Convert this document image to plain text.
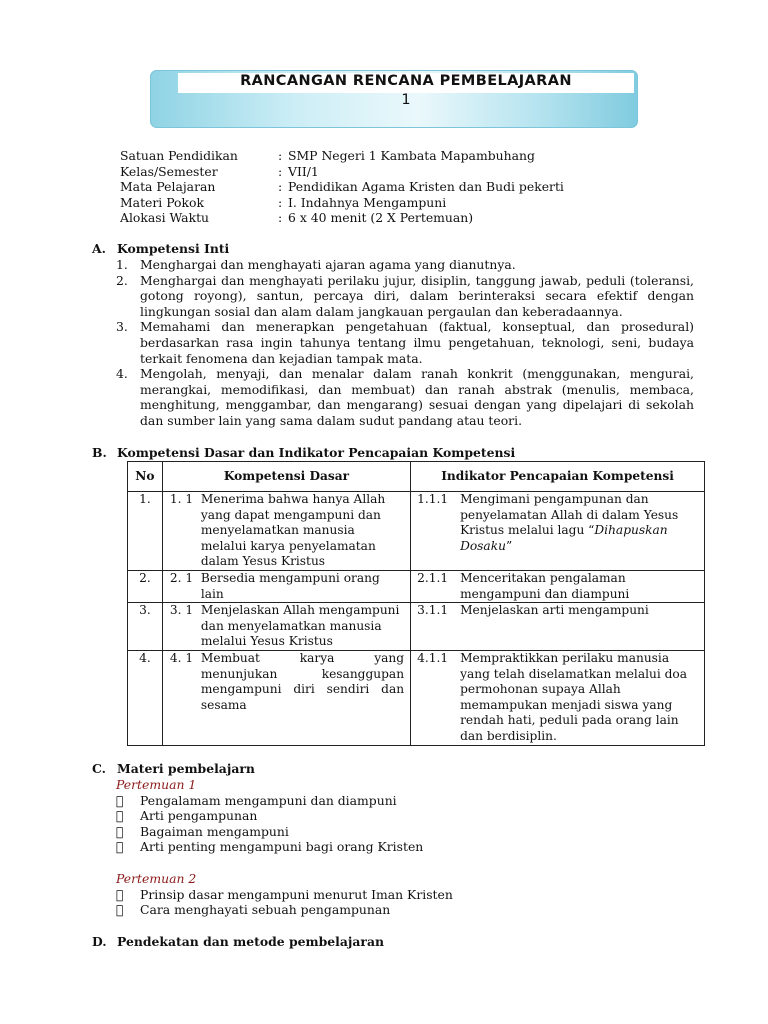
RANCANGAN RENCANA PEMBELAJARAN
1
Satuan Pendidikan	: SMP Negeri 1 Kambata Mapambuhang
Kelas/Semester	: VII/1
Mata Pelajaran	: Pendidikan Agama Kristen dan Budi pekerti
Materi Pokok	: I. Indahnya Mengampuni
Alokasi Waktu	: 6 x 40 menit (2 X Pertemuan)
A. Kompetensi Inti
1. Menghargai dan menghayati ajaran agama yang dianutnya.
2. Menghargai dan menghayati perilaku jujur, disiplin, tanggung jawab, peduli (toleransi, gotong royong), santun, percaya diri, dalam berinteraksi secara efektif dengan lingkungan sosial dan alam dalam jangkauan pergaulan dan keberadaannya.
3. Memahami dan menerapkan pengetahuan (faktual, konseptual, dan prosedural) berdasarkan rasa ingin tahunya tentang ilmu pengetahuan, teknologi, seni, budaya terkait fenomena dan kejadian tampak mata.
4. Mengolah, menyaji, dan menalar dalam ranah konkrit (menggunakan, mengurai, merangkai, memodifikasi, dan membuat) dan ranah abstrak (menulis, membaca, menghitung, menggambar, dan mengarang) sesuai dengan yang dipelajari di sekolah dan sumber lain yang sama dalam sudut pandang atau teori.
B. Kompetensi Dasar dan Indikator Pencapaian Kompetensi
No	Kompetensi Dasar	Indikator Pencapaian Kompetensi
1.	1. 1 Menerima bahwa hanya Allah yang dapat mengampuni dan menyelamatkan manusia melalui karya penyelamatan dalam Yesus Kristus	1.1.1 Mengimani pengampunan dan penyelamatan Allah di dalam Yesus Kristus melalui lagu “Dihapuskan Dosaku”

2.	2. 1 Bersedia mengampuni orang lain	2.1.1 Menceritakan pengalaman mengampuni dan diampuni

3.	3. 1 Menjelaskan Allah mengampuni dan menyelamatkan manusia melalui Yesus Kristus	3.1.1 Menjelaskan arti mengampuni

4.	4. 1 Membuat karya yang menunjukan kesanggupan mengampuni diri sendiri dan sesama	4.1.1 Mempraktikkan perilaku manusia yang telah diselamatkan melalui doa permohonan supaya Allah memampukan menjadi siswa yang rendah hati, peduli pada orang lain dan berdisiplin.
C. Materi pembelajarn
Pertemuan 1
Pengalamam mengampuni dan diampuni
Arti pengampunan
Bagaiman mengampuni
Arti penting mengampuni bagi orang Kristen
Pertemuan 2
Prinsip dasar mengampuni menurut Iman Kristen
Cara menghayati sebuah pengampunan
D. Pendekatan dan metode pembelajaran
